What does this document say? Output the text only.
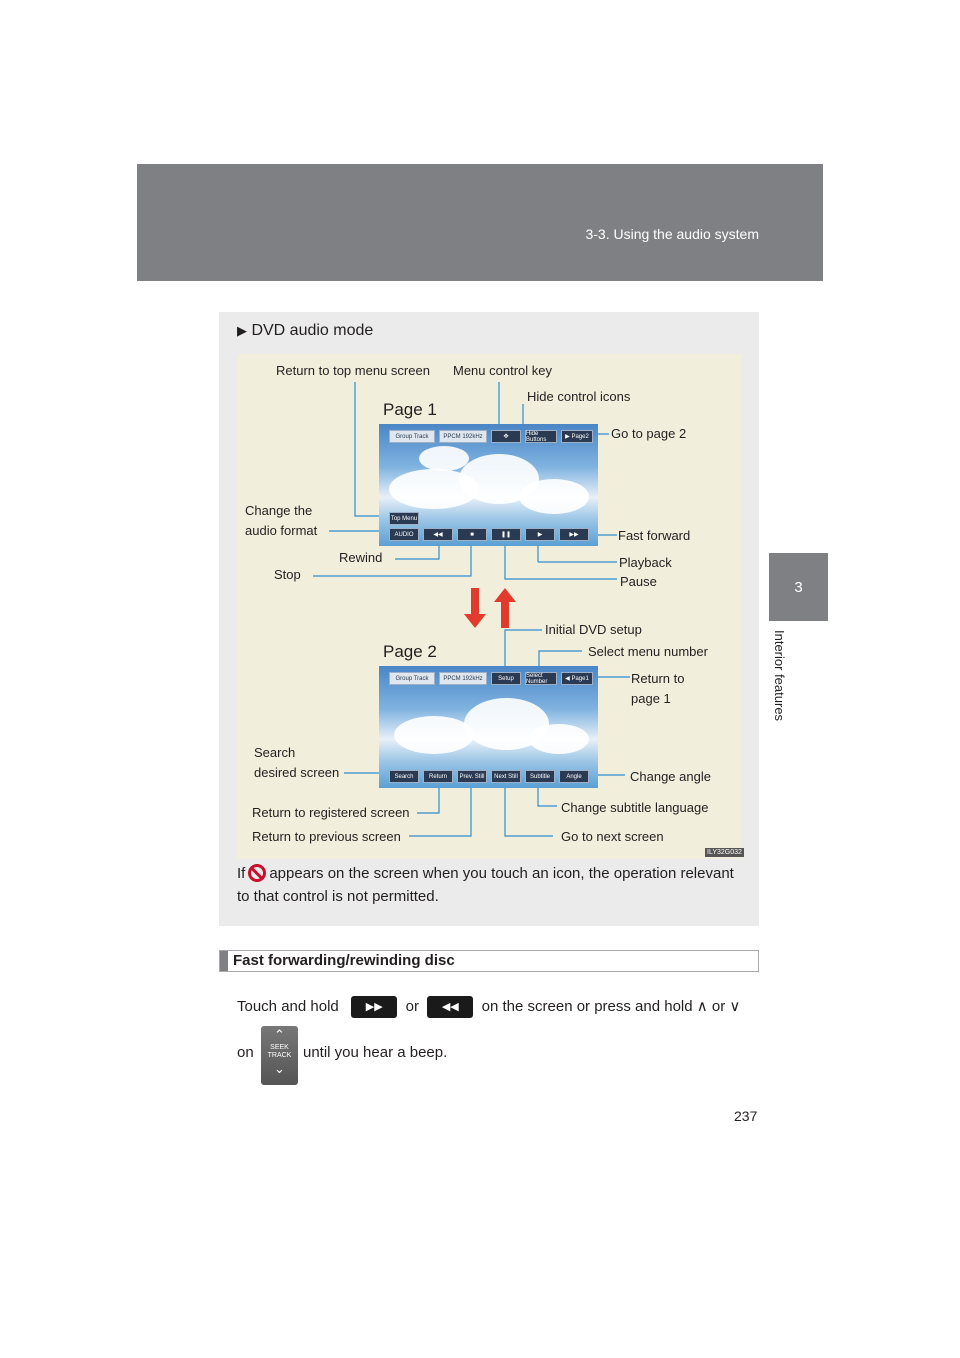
3-3. Using the audio system
3
Interior features
▶ DVD audio mode
Return to top menu screen Menu control key
Hide control icons
Page 1
Go to page 2
Change the
audio format	Fast forward
Rewind	Playback
Stop	Pause
Group Track PPCM
192kHz	✥
Hide Buttons	▶ Page2
Top Menu
AUDIO	◀◀	■	❚❚	▶	▶▶
Initial DVD setup
Page 2	Select menu number
Return to
page 1
Search
desired screen	Change angle
Return to registered screen	Change subtitle language
Return to previous screen	Go to next screen
Group Track PPCM
192kHz	Setup	Select Number	◀ Page1
Search	Return	Prev. Still	Next Still	Subtitle	Angle
ILY32G032
If appears on the screen when you touch an icon, the operation relevant to that control is not permitted.
Fast forwarding/rewinding disc
Touch and hold ▶▶ or ◀◀ on the screen or press and hold ∧ or ∨
on
⌃
SEEK TRACK
⌄
until you hear a beep.
237
